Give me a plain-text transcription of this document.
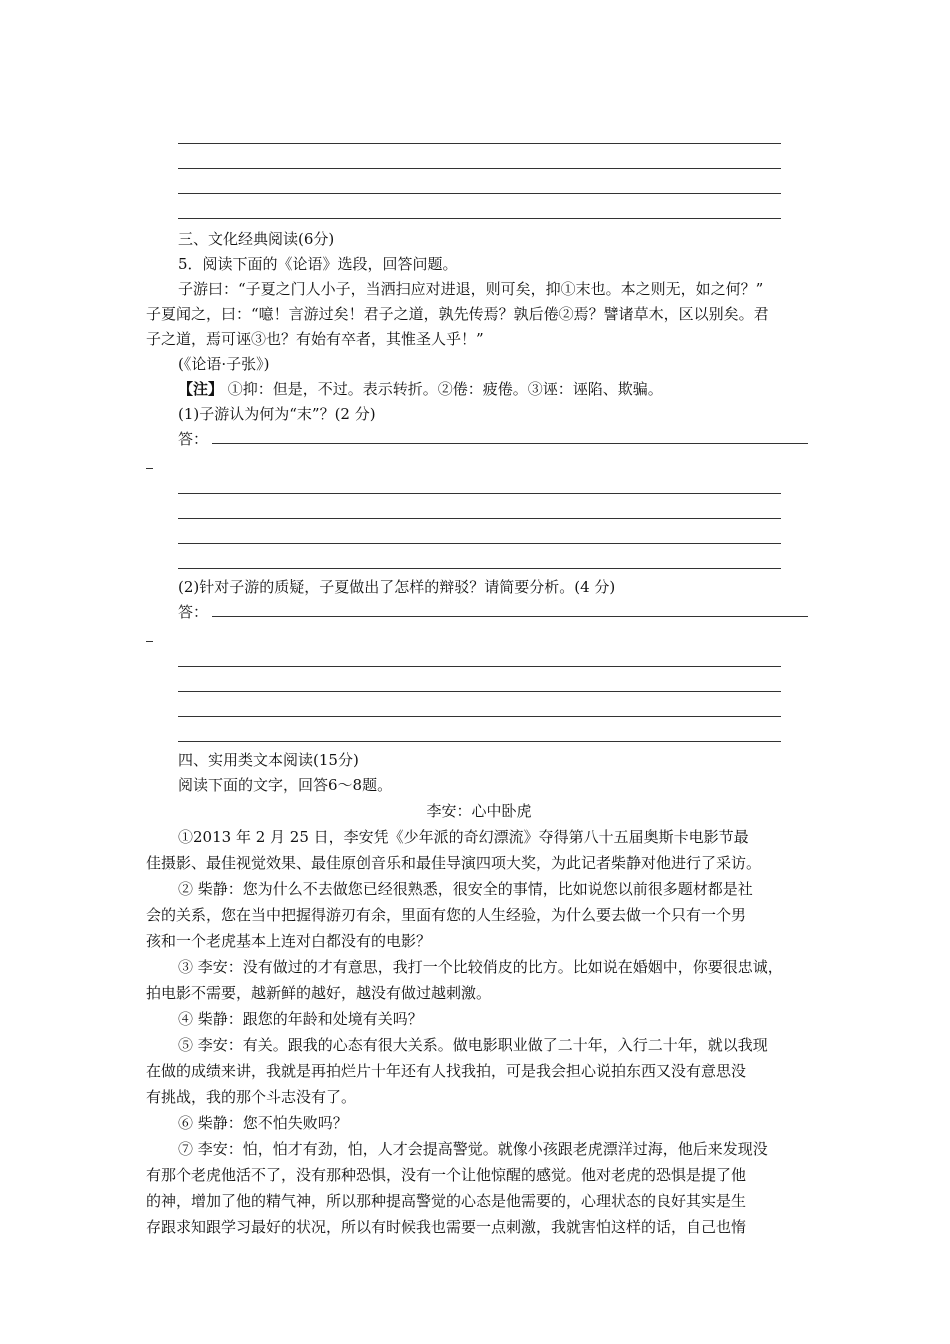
三、文化经典阅读(6分)
5．阅读下面的《论语》选段，回答问题。
子游曰：“子夏之门人小子，当洒扫应对进退，则可矣，抑①末也。本之则无，如之何？”
子夏闻之，曰：“噫！言游过矣！君子之道，孰先传焉？孰后倦②焉？譬诸草木，区以别矣。君
子之道，焉可诬③也？有始有卒者，其惟圣人乎！”
(《论语·子张》)
【注】 ①抑：但是，不过。表示转折。②倦：疲倦。③诬：诬陷、欺骗。
(1)子游认为何为“末”？(2 分)
答：
(2)针对子游的质疑，子夏做出了怎样的辩驳？请简要分析。(4 分)
答：
四、实用类文本阅读(15分)
阅读下面的文字，回答6～8题。
李安：心中卧虎
①2013 年 2 月 25 日，李安凭《少年派的奇幻漂流》夺得第八十五届奥斯卡电影节最
佳摄影、最佳视觉效果、最佳原创音乐和最佳导演四项大奖，为此记者柴静对他进行了采访。
② 柴静：您为什么不去做您已经很熟悉，很安全的事情，比如说您以前很多题材都是社
会的关系，您在当中把握得游刃有余，里面有您的人生经验，为什么要去做一个只有一个男
孩和一个老虎基本上连对白都没有的电影？
③ 李安：没有做过的才有意思，我打一个比较俏皮的比方。比如说在婚姻中，你要很忠诚，
拍电影不需要，越新鲜的越好，越没有做过越刺激。
④ 柴静：跟您的年龄和处境有关吗？
⑤ 李安：有关。跟我的心态有很大关系。做电影职业做了二十年，入行二十年，就以我现
在做的成绩来讲，我就是再拍烂片十年还有人找我拍，可是我会担心说拍东西又没有意思没
有挑战，我的那个斗志没有了。
⑥ 柴静：您不怕失败吗？
⑦ 李安：怕，怕才有劲，怕，人才会提高警觉。就像小孩跟老虎漂洋过海，他后来发现没
有那个老虎他活不了，没有那种恐惧，没有一个让他惊醒的感觉。他对老虎的恐惧是提了他
的神，增加了他的精气神，所以那种提高警觉的心态是他需要的，心理状态的良好其实是生
存跟求知跟学习最好的状况，所以有时候我也需要一点刺激，我就害怕这样的话，自己也惰
